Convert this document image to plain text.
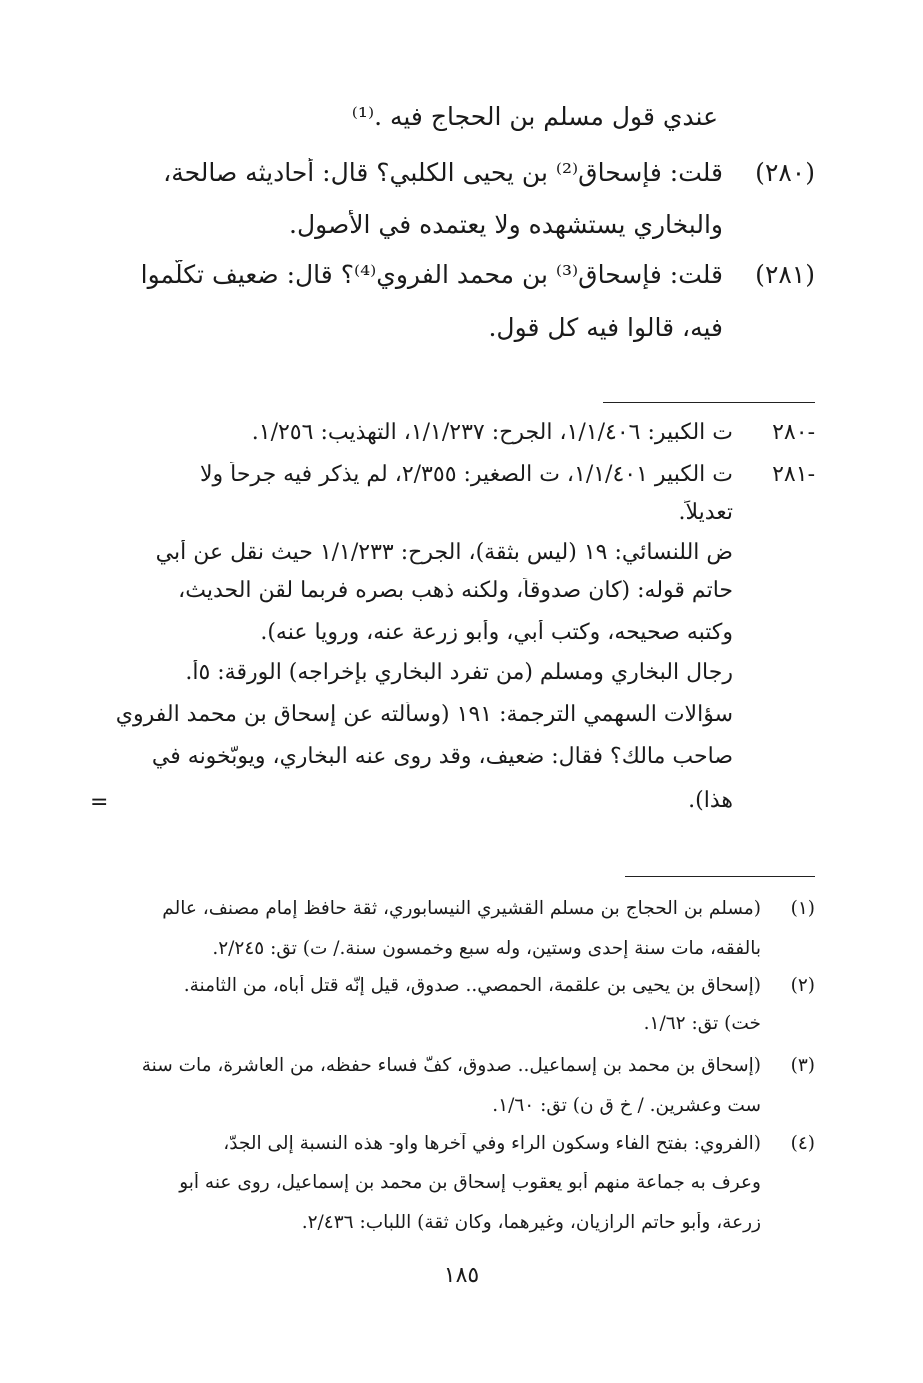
عندي قول مسلم بن الحجاج فيه .⁽¹⁾
(٢٨٠)
قلت: فإسحاق⁽²⁾ بن يحيى الكلبي؟ قال: أحاديثه صالحة،
والبخاري يستشهده ولا يعتمده في الأصول.
(٢٨١)
قلت: فإسحاق⁽³⁾ بن محمد الفروي⁽⁴⁾؟ قال: ضعيف تكلّموا
فيه، قالوا فيه كل قول.
٢٨٠-
ت الكبير: ١/١/٤٠٦، الجرح: ١/١/٢٣٧، التهذيب: ١/٢٥٦.
٢٨١-
ت الكبير ١/١/٤٠١، ت الصغير: ٢/٣٥٥، لم يذكر فيه جرحاً ولا
تعديلاً.
ض اللنسائي: ١٩ (ليس بثقة)، الجرح: ١/١/٢٣٣ حيث نقل عن أبي
حاتم قوله: (كان صدوقاً، ولكنه ذهب بصره فربما لقن الحديث،
وكتبه صحيحه، وكتب أبي، وأبو زرعة عنه، ورويا عنه).
رجال البخاري ومسلم (من تفرد البخاري بإخراجه) الورقة: ٥أ.
سؤالات السهمي الترجمة: ١٩١ (وسألته عن إسحاق بن محمد الفروي
صاحب مالك؟ فقال: ضعيف، وقد روى عنه البخاري، ويوبّخونه في
هذا).
=
(١)
(مسلم بن الحجاج بن مسلم القشيري النيسابوري، ثقة حافظ إمام مصنف، عالم
بالفقه، مات سنة إحدى وستين، وله سبع وخمسون سنة./ ت) تق: ٢/٢٤٥.
(٢)
(إسحاق بن يحيى بن علقمة، الحمصي.. صدوق، قيل إنّه قتل أباه، من الثامنة.
خت) تق: ١/٦٢.
(٣)
(إسحاق بن محمد بن إسماعيل.. صدوق، كفّ فساء حفظه، من العاشرة، مات سنة
ست وعشرين. / خ ق ن) تق: ١/٦٠.
(٤)
(الفروي: بفتح الفاء وسكون الراء وفي آخرها واو- هذه النسبة إلى الجدّ،
وعرف به جماعة منهم أبو يعقوب إسحاق بن محمد بن إسماعيل، روى عنه أبو
زرعة، وأبو حاتم الرازيان، وغيرهما، وكان ثقة) اللباب: ٢/٤٣٦.
١٨٥
